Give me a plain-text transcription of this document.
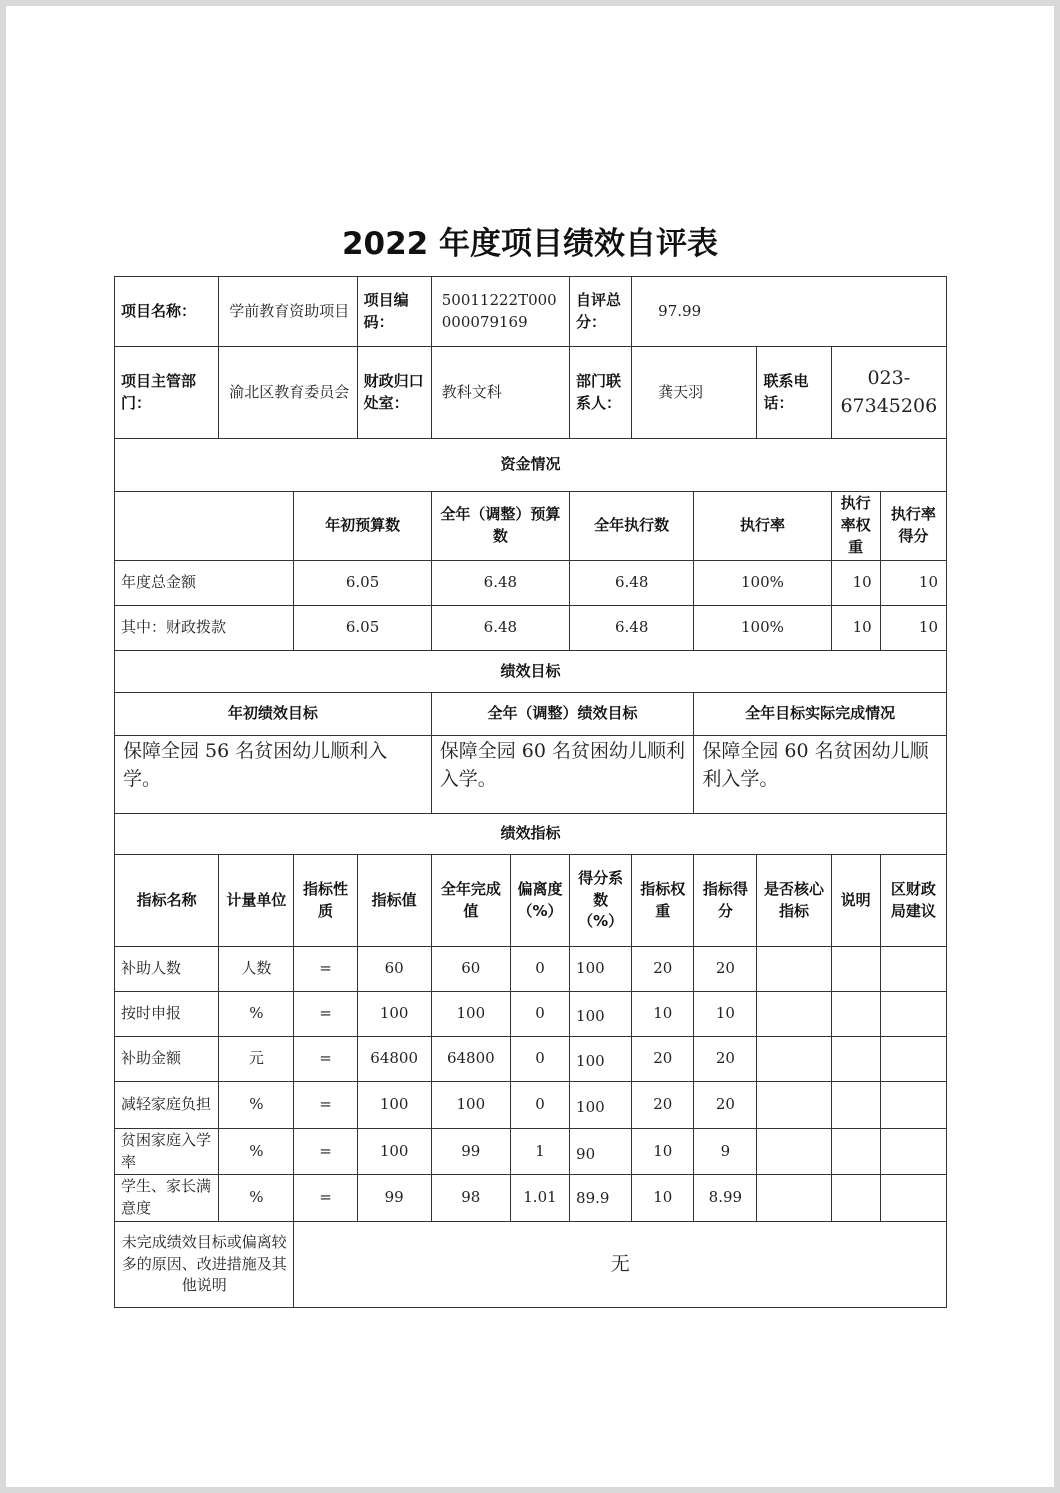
2022 年度项目绩效自评表
项目名称：	学前教育资助项目		项目编码：	50011222T000000079169		自评总分：	97.99				
项目主管部门：	渝北区教育委员会		财政归口处室：	教科文科		部门联系人：	龚天羽		联系电话：	023-67345206	
资金情况											
		年初预算数		全年（调整）预算数		全年执行数		执行率		执行率权重	执行率得分
年度总金额		6.05		6.48		6.48		100%		10	10
其中：财政拨款		6.05		6.48		6.48		100%		10	10
绩效目标											
年初绩效目标				全年（调整）绩效目标				全年目标实际完成情况			
保障全园 56 名贫困幼儿顺利入学。				保障全园 60 名贫困幼儿顺利入学。				保障全园 60 名贫困幼儿顺利入学。			
绩效指标											
指标名称	计量单位	指标性质	指标值	全年完成值	偏离度（%）	得分系数（%）	指标权重	指标得分	是否核心指标	说明	区财政局建议
补助人数	人数	=	60	60	0	100	20	20			
按时申报	%	=	100	100	0	100	10	10			
补助金额	元	=	64800	64800	0	100	20	20			
减轻家庭负担	%	=	100	100	0	100	20	20			
贫困家庭入学率	%	=	100	99	1	90	10	9			
学生、家长满意度	%	=	99	98	1.01	89.9	10	8.99			
未完成绩效目标或偏离较多的原因、改进措施及其他说明		无									
